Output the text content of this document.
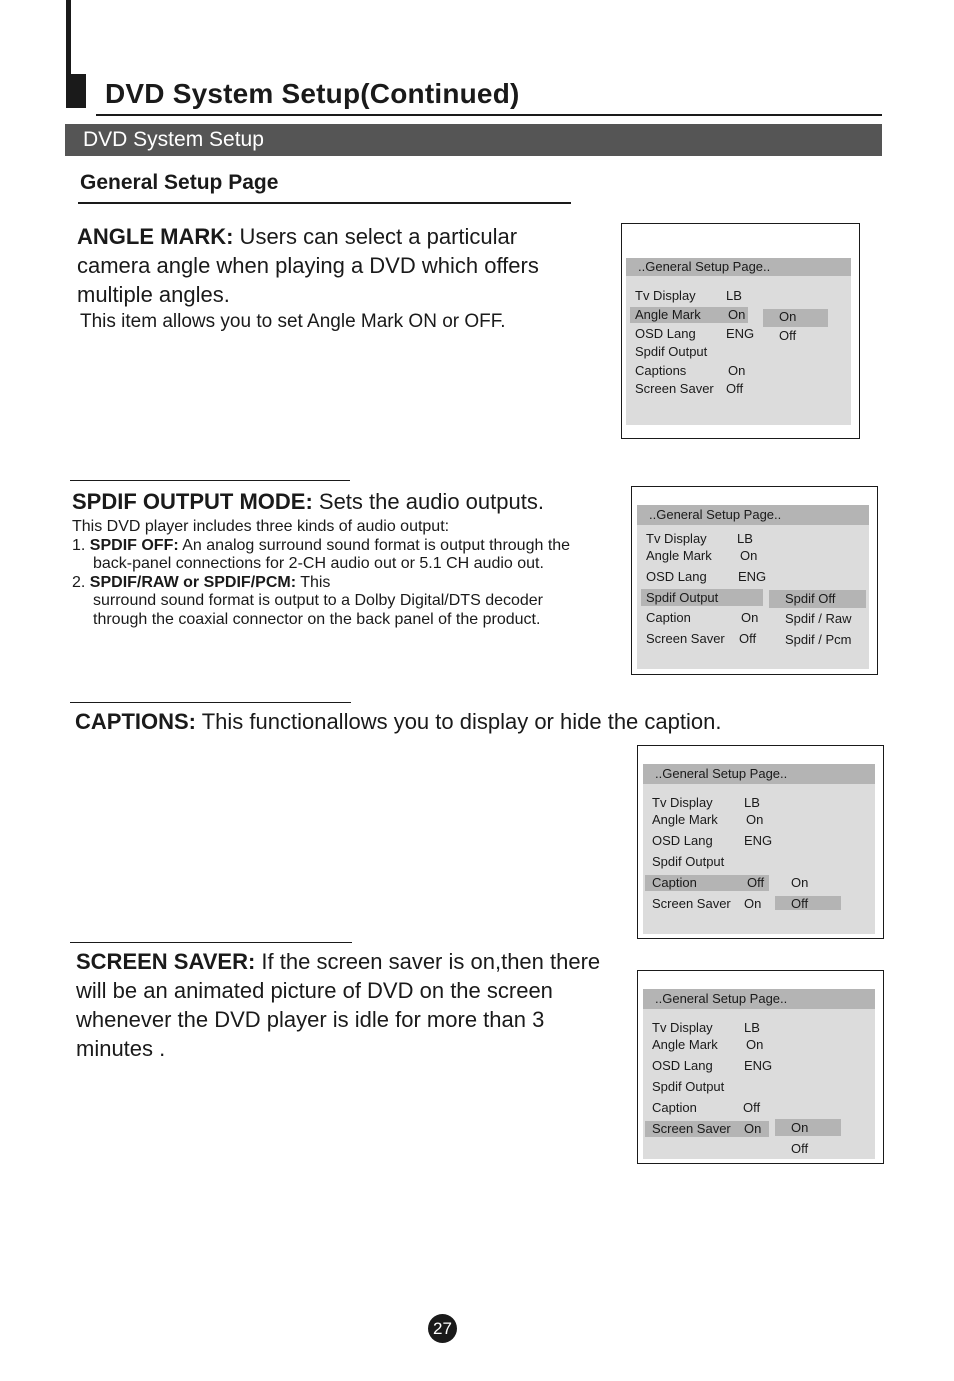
DVD System Setup(Continued)
DVD System Setup
General Setup Page
ANGLE MARK: Users can select a particular
camera angle when playing a DVD which offers
multiple angles.
This item allows you to set Angle Mark ON or OFF.
..General Setup Page..
Tv Display
Angle Mark
OSD Lang
Spdif Output
Captions
Screen Saver
LB
On
ENG
On
Off
On
Off
SPDIF OUTPUT MODE: Sets the audio outputs.
This DVD player includes three kinds of audio output:
1. SPDIF OFF: An analog surround sound format is output through the
back-panel connections for 2-CH audio out or 5.1 CH audio out.
2. SPDIF/RAW or SPDIF/PCM: This
surround sound format is output to a Dolby Digital/DTS decoder
through the coaxial connector on the back panel of the product.
..General Setup Page..
Tv Display
Angle Mark
OSD Lang
Spdif Output
Caption
Screen Saver
LB
On
ENG
On
Off
Spdif Off
Spdif / Raw
Spdif / Pcm
CAPTIONS: This functionallows you to display or hide the caption.
..General Setup Page..
Tv Display
Angle Mark
OSD Lang
Spdif Output
Caption
Screen Saver
LB
On
ENG
Off
On
On
Off
SCREEN SAVER: If the screen saver is on,then there
will be an animated picture of DVD on the screen
whenever the DVD player is idle for more than 3
minutes .
..General Setup Page..
Tv Display
Angle Mark
OSD Lang
Spdif Output
Caption
Screen Saver
LB
On
ENG
Off
On On
Off
27
